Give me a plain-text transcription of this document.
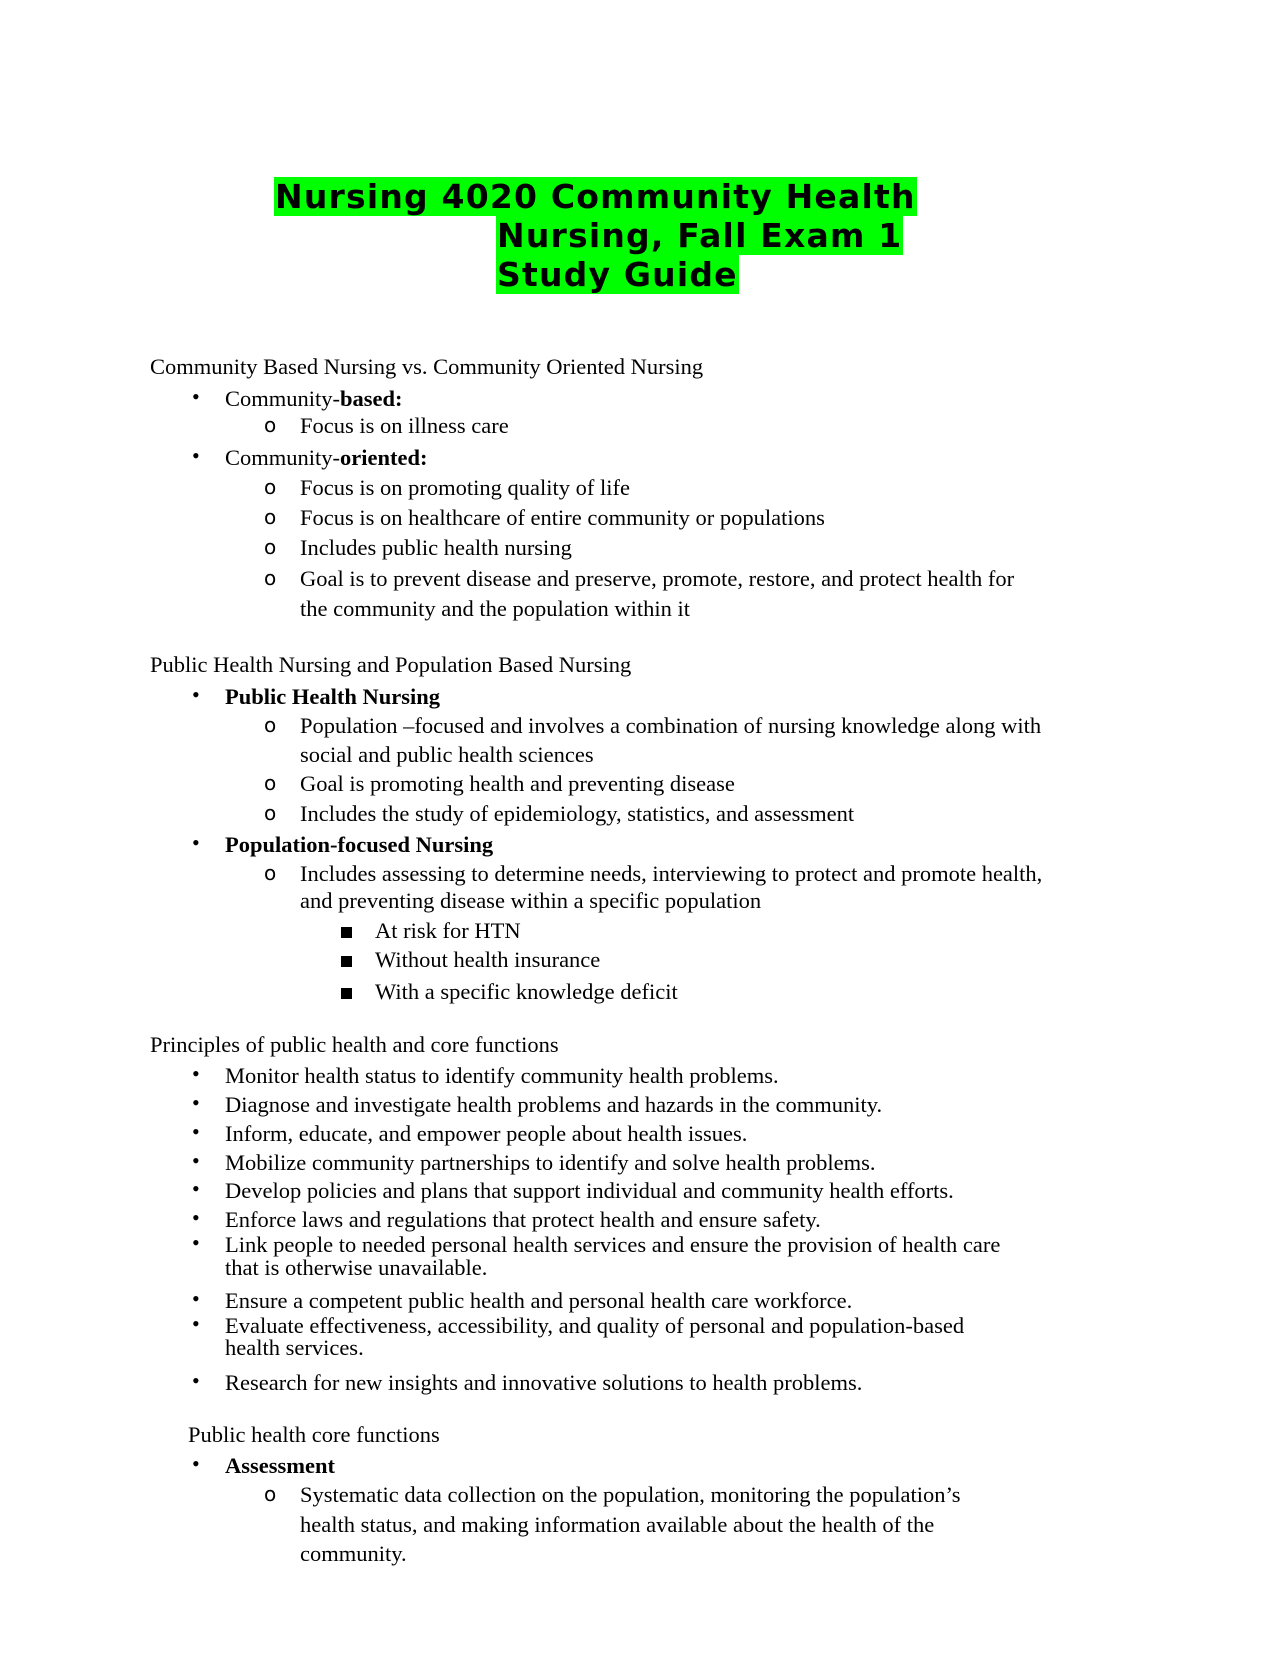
Nursing 4020 Community Health
Nursing, Fall Exam 1
Study Guide
Community Based Nursing vs. Community Oriented Nursing
• Community-based:
o Focus is on illness care
• Community-oriented:
o Focus is on promoting quality of life
o Focus is on healthcare of entire community or populations
o Includes public health nursing
o Goal is to prevent disease and preserve, promote, restore, and protect health for
the community and the population within it
Public Health Nursing and Population Based Nursing
• Public Health Nursing
o Population –focused and involves a combination of nursing knowledge along with
social and public health sciences
o Goal is promoting health and preventing disease
o Includes the study of epidemiology, statistics, and assessment
• Population-focused Nursing
o Includes assessing to determine needs, interviewing to protect and promote health,
and preventing disease within a specific population
At risk for HTN
Without health insurance
With a specific knowledge deficit
Principles of public health and core functions
• Monitor health status to identify community health problems.
• Diagnose and investigate health problems and hazards in the community.
• Inform, educate, and empower people about health issues.
• Mobilize community partnerships to identify and solve health problems.
• Develop policies and plans that support individual and community health efforts.
• Enforce laws and regulations that protect health and ensure safety.
• Link people to needed personal health services and ensure the provision of health care
that is otherwise unavailable.
• Ensure a competent public health and personal health care workforce.
• Evaluate effectiveness, accessibility, and quality of personal and population-based
health services.
• Research for new insights and innovative solutions to health problems.
Public health core functions
• Assessment
o Systematic data collection on the population, monitoring the population’s
health status, and making information available about the health of the
community.
